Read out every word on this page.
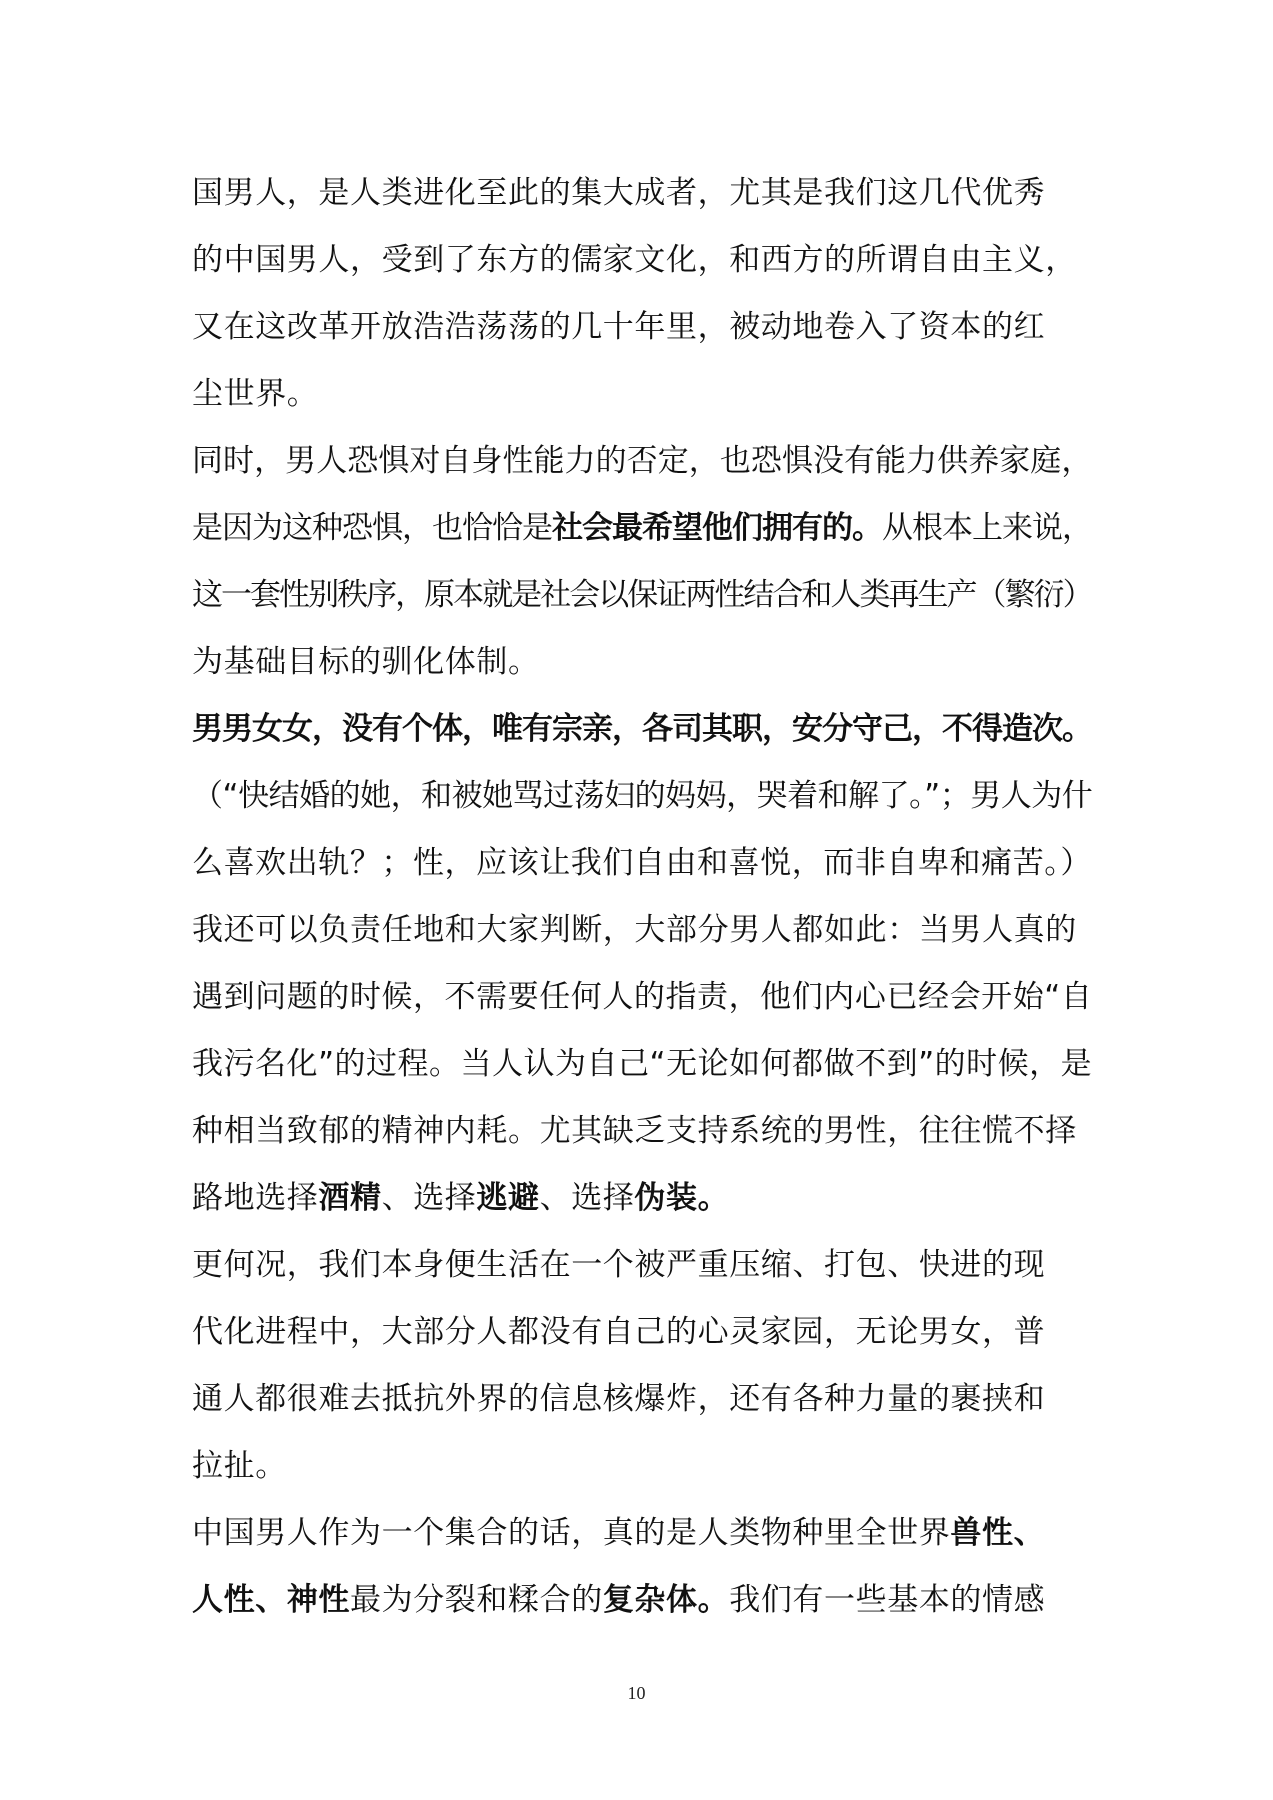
国男人，是人类进化至此的集大成者，尤其是我们这几代优秀
的中国男人，受到了东方的儒家文化，和西方的所谓自由主义，
又在这改革开放浩浩荡荡的几十年里，被动地卷入了资本的红
尘世界。
同时，男人恐惧对自身性能力的否定，也恐惧没有能力供养家庭，
是因为这种恐惧，也恰恰是社会最希望他们拥有的。从根本上来说，
这一套性别秩序，原本就是社会以保证两性结合和人类再生产（繁衍）
为基础目标的驯化体制。
男男女女，没有个体，唯有宗亲，各司其职，安分守己，不得造次。
（“快结婚的她，和被她骂过荡妇的妈妈，哭着和解了。”；男人为什
么喜欢出轨？；性，应该让我们自由和喜悦，而非自卑和痛苦。）
我还可以负责任地和大家判断，大部分男人都如此：当男人真的
遇到问题的时候，不需要任何人的指责，他们内心已经会开始“自
我污名化”的过程。当人认为自己“无论如何都做不到”的时候，是
种相当致郁的精神内耗。尤其缺乏支持系统的男性，往往慌不择
路地选择酒精、选择逃避、选择伪装。
更何况，我们本身便生活在一个被严重压缩、打包、快进的现
代化进程中，大部分人都没有自己的心灵家园，无论男女，普
通人都很难去抵抗外界的信息核爆炸，还有各种力量的裹挟和
拉扯。
中国男人作为一个集合的话，真的是人类物种里全世界兽性、
人性、神性最为分裂和糅合的复杂体。我们有一些基本的情感
10
